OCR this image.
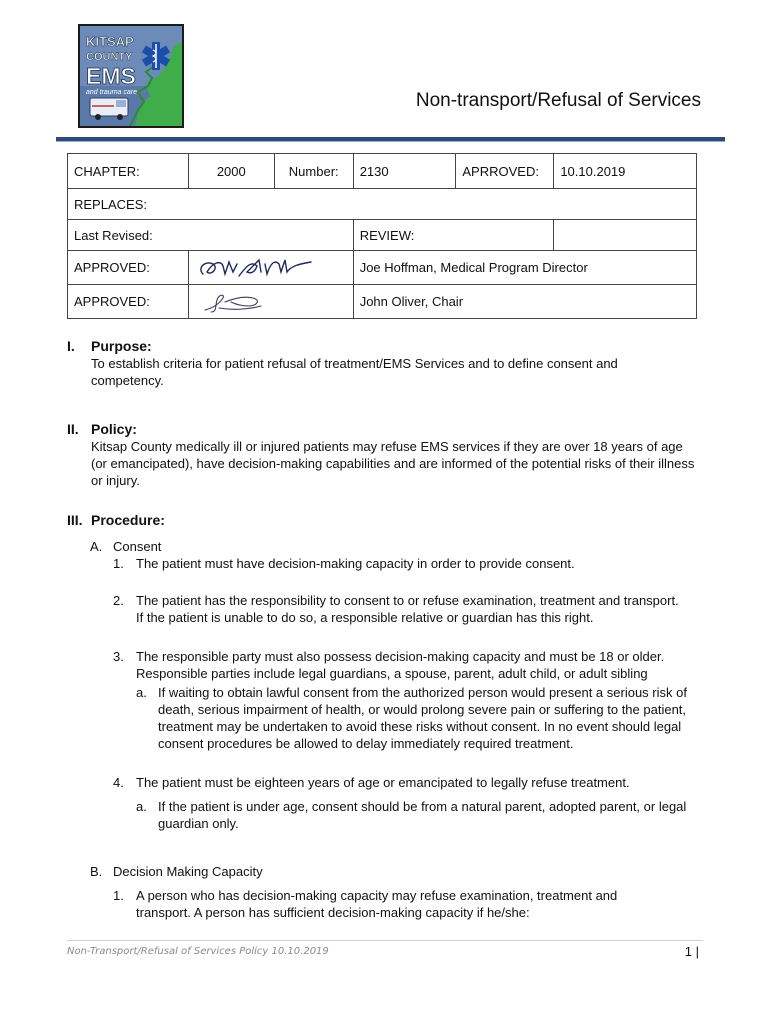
KITSAP
COUNTY
EMS
and trauma care	Non-transport/Refusal of Services
CHAPTER:	2000	Number:	2130	APRROVED:	10.10.2019
REPLACES:					
Last Revised:			REVIEW:		
APPROVED:			Joe Hoffman, Medical Program Director		
APPROVED:			John Oliver, Chair		
I. Purpose:
To establish criteria for patient refusal of treatment/EMS Services and to define consent and competency.
II. Policy:
Kitsap County medically ill or injured patients may refuse EMS services if they are over 18 years of age (or emancipated), have decision-making capabilities and are informed of the potential risks of their illness or injury.
III. Procedure:
A. Consent
1. The patient must have decision-making capacity in order to provide consent.
2. The patient has the responsibility to consent to or refuse examination, treatment and transport. If the patient is unable to do so, a responsible relative or guardian has this right.
3. The responsible party must also possess decision-making capacity and must be 18 or older. Responsible parties include legal guardians, a spouse, parent, adult child, or adult sibling
a. If waiting to obtain lawful consent from the authorized person would present a serious risk of death, serious impairment of health, or would prolong severe pain or suffering to the patient, treatment may be undertaken to avoid these risks without consent. In no event should legal consent procedures be allowed to delay immediately required treatment.
4. The patient must be eighteen years of age or emancipated to legally refuse treatment.
a. If the patient is under age, consent should be from a natural parent, adopted parent, or legal guardian only.
B. Decision Making Capacity
1. A person who has decision-making capacity may refuse examination, treatment and transport. A person has sufficient decision-making capacity if he/she:
Non-Transport/Refusal of Services Policy 10.10.2019	1 |
